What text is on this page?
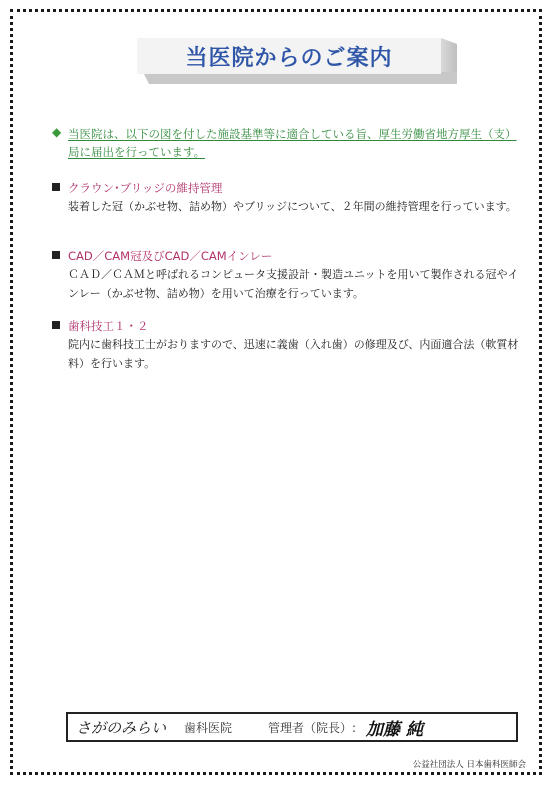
当医院からのご案内
◆ 当医院は、以下の図を付した施設基準等に適合している旨、厚生労働省地方厚生（支）局に届出を行っています。
クラウン･ブリッジの維持管理
装着した冠（かぶせ物、詰め物）やブリッジについて、２年間の維持管理を行っています。
CAD／CAM冠及びCAD／CAMインレー
ＣＡＤ／ＣＡＭと呼ばれるコンピュータ支援設計・製造ユニットを用いて製作される冠やインレー（かぶせ物、詰め物）を用いて治療を行っています。
歯科技工１・２
院内に歯科技工士がおりますので、迅速に義歯（入れ歯）の修理及び、内面適合法（軟質材料）を行います。
さがのみらい	歯科医院	管理者（院長）: 加藤 純
公益社団法人 日本歯科医師会
